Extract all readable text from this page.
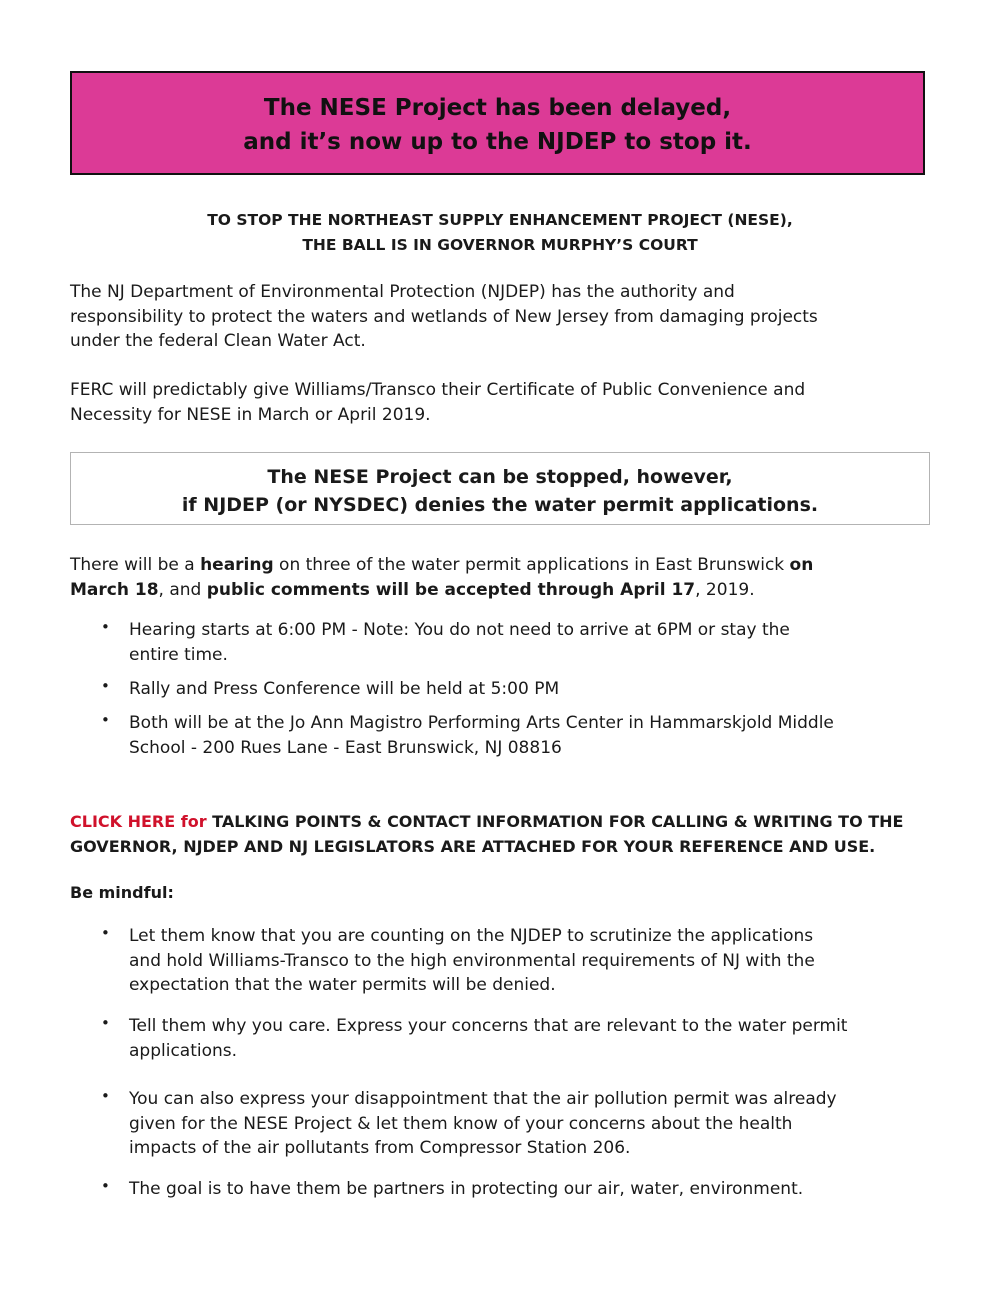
The NESE Project has been delayed,
and it’s now up to the NJDEP to stop it.
TO STOP THE NORTHEAST SUPPLY ENHANCEMENT PROJECT (NESE),
THE BALL IS IN GOVERNOR MURPHY’S COURT
The NJ Department of Environmental Protection (NJDEP) has the authority and
responsibility to protect the waters and wetlands of New Jersey from damaging projects
under the federal Clean Water Act.
FERC will predictably give Williams/Transco their Certificate of Public Convenience and
Necessity for NESE in March or April 2019.
The NESE Project can be stopped, however,
if NJDEP (or NYSDEC) denies the water permit applications.
There will be a hearing on three of the water permit applications in East Brunswick on
March 18, and public comments will be accepted through April 17, 2019.
• Hearing starts at 6:00 PM - Note: You do not need to arrive at 6PM or stay the
entire time.
• Rally and Press Conference will be held at 5:00 PM
• Both will be at the Jo Ann Magistro Performing Arts Center in Hammarskjold Middle
School - 200 Rues Lane - East Brunswick, NJ 08816
CLICK HERE for TALKING POINTS & CONTACT INFORMATION FOR CALLING & WRITING TO THE
GOVERNOR, NJDEP AND NJ LEGISLATORS ARE ATTACHED FOR YOUR REFERENCE AND USE.
Be mindful:
• Let them know that you are counting on the NJDEP to scrutinize the applications
and hold Williams-Transco to the high environmental requirements of NJ with the
expectation that the water permits will be denied.
• Tell them why you care. Express your concerns that are relevant to the water permit
applications.
• You can also express your disappointment that the air pollution permit was already
given for the NESE Project & let them know of your concerns about the health
impacts of the air pollutants from Compressor Station 206.
• The goal is to have them be partners in protecting our air, water, environment.
